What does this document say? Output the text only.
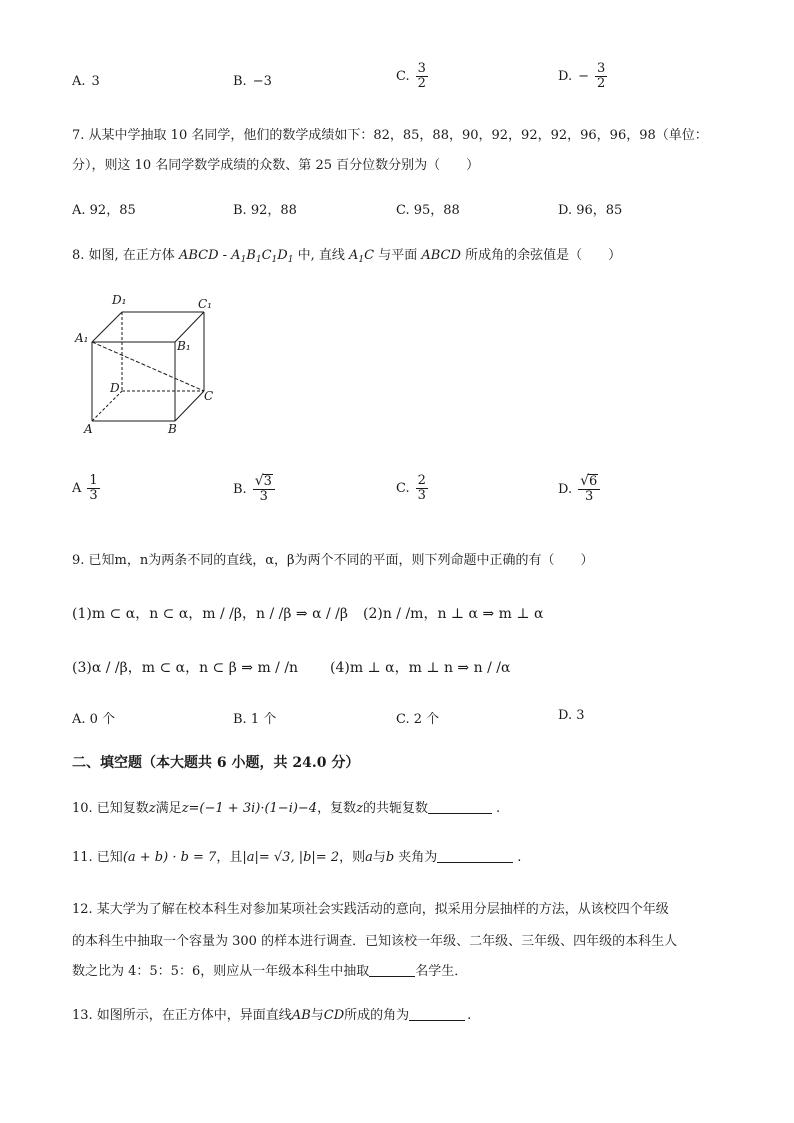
A. 3	B. −3	C. $\frac{3}{2}$	D. − $\frac{3}{2}$
7. 从某中学抽取 10 名同学，他们的数学成绩如下：82，85，88，90，92，92，92，96，96，98（单位：
分），则这 10 名同学数学成绩的众数、第 25 百分位数分别为（　　）
A. 92，85	B. 92，88	C. 95，88	D. 96，85
8. 如图, 在正方体 ABCD - $A_1B_1C_1D_1$ 中, 直线 $A_1C$ 与平面 ABCD 所成角的余弦值是（　　）
D₁	C₁
A₁
B₁
D
C
A	B
A $\frac{1}{3}$	B. $\frac{√ 3}{3}$	C. $\frac{2}{3}$	D. $\frac{√ 6}{3}$
9. 已知m，n为两条不同的直线，α，β为两个不同的平面，则下列命题中正确的有（　　）
(1)m ⊂ α，n ⊂ α，m / /β，n / /β ⇒ α / /β (2)n / /m，n ⊥ α ⇒ m ⊥ α
(3)α / /β，m ⊂ α，n ⊂ β ⇒ m / /n (4)m ⊥ α，m ⊥ n ⇒ n / /α
A. 0 个	B. 1 个	C. 2 个	D. 3
二、填空题（本大题共 6 小题，共 24.0 分）
10. 已知复数z满足z=(−1 + 3i)·(1−i)−4，复数z的共轭复数	.
11. 已知(a + b) · b = 7，且|a|= √3, |b|= 2，则a与b 夹角为	.
12. 某大学为了解在校本科生对参加某项社会实践活动的意向，拟采用分层抽样的方法，从该校四个年级
的本科生中抽取一个容量为 300 的样本进行调查．已知该校一年级、二年级、三年级、四年级的本科生人
数之比为 4：5：5：6，则应从一年级本科生中抽取	名学生．
13. 如图所示，在正方体中，异面直线AB与CD所成的角为	.
